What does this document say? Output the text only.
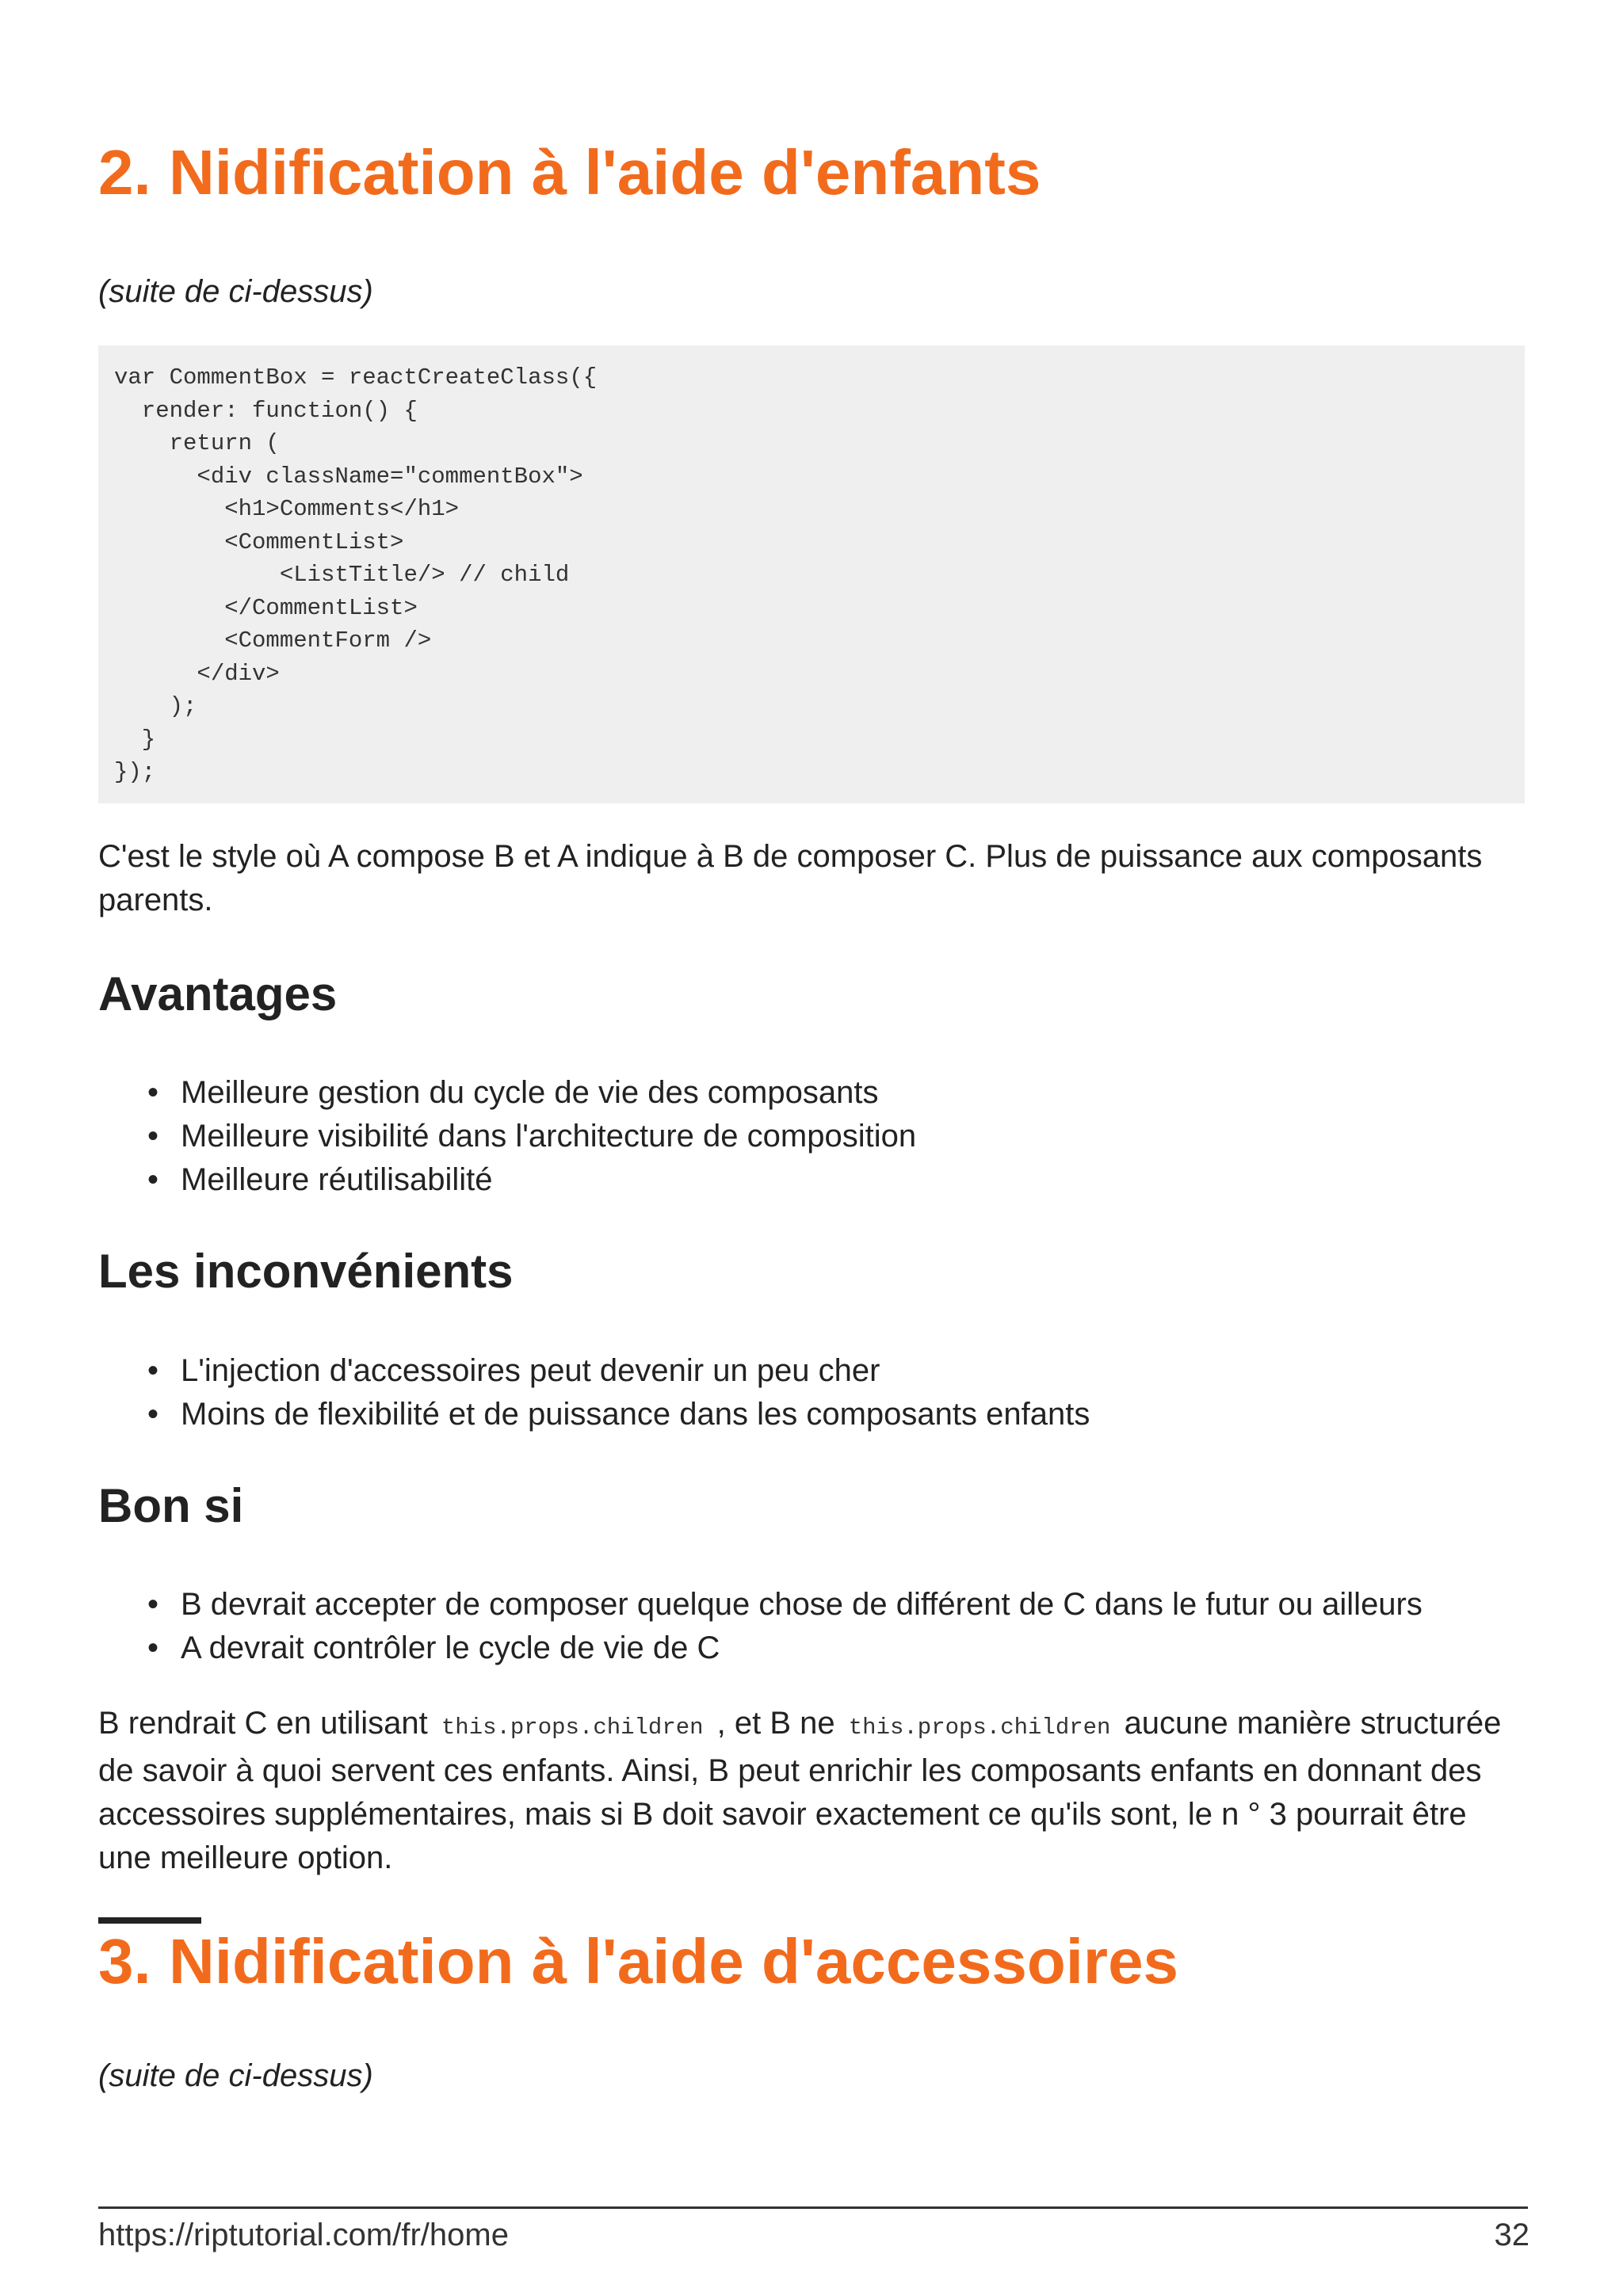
2. Nidification à l'aide d'enfants

(suite de ci-dessus)

var CommentBox = reactCreateClass({
render: function() {
return (
<div className="commentBox">
<h1>Comments</h1>
<CommentList>
<ListTitle/> // child
</CommentList>
<CommentForm />
</div>
);
}
});

C'est le style où A compose B et A indique à B de composer C. Plus de puissance aux composants parents.

Avantages
• Meilleure gestion du cycle de vie des composants
• Meilleure visibilité dans l'architecture de composition
• Meilleure réutilisabilité
Les inconvénients
• L'injection d'accessoires peut devenir un peu cher
• Moins de flexibilité et de puissance dans les composants enfants
Bon si
• B devrait accepter de composer quelque chose de différent de C dans le futur ou ailleurs
• A devrait contrôler le cycle de vie de C

B rendrait C en utilisant this.props.children , et B ne this.props.children aucune manière structurée de savoir à quoi servent ces enfants. Ainsi, B peut enrichir les composants enfants en donnant des accessoires supplémentaires, mais si B doit savoir exactement ce qu'ils sont, le n ° 3 pourrait être une meilleure option.

3. Nidification à l'aide d'accessoires

(suite de ci-dessus)

https://riptutorial.com/fr/home	32
